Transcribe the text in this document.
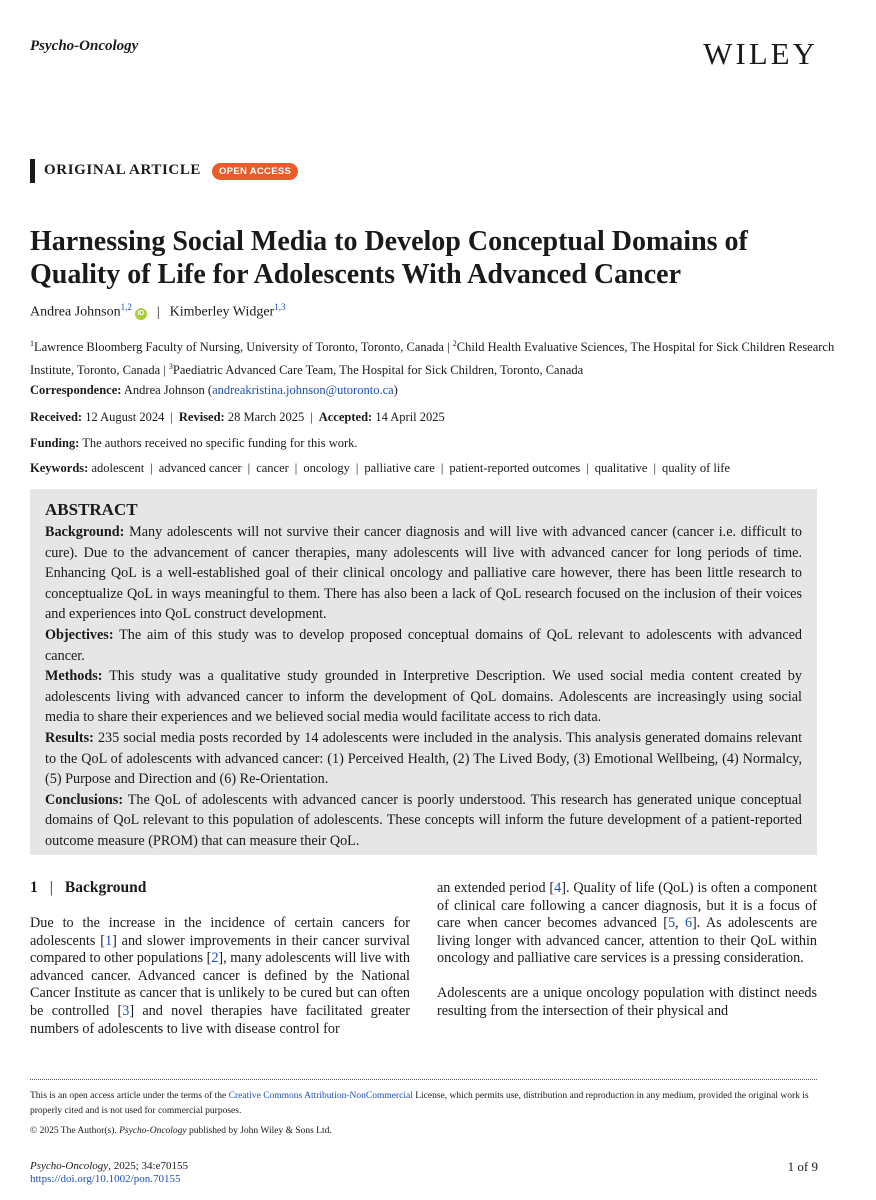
Psycho-Oncology	WILEY
ORIGINAL ARTICLE	OPEN ACCESS
Harnessing Social Media to Develop Conceptual Domains of Quality of Life for Adolescents With Advanced Cancer
Andrea Johnson$^{1,2}$iD | Kimberley Widger$^{1,3}$
$^1$Lawrence Bloomberg Faculty of Nursing, University of Toronto, Toronto, Canada | $^2$Child Health Evaluative Sciences, The Hospital for Sick Children Research Institute, Toronto, Canada | $^3$Paediatric Advanced Care Team, The Hospital for Sick Children, Toronto, Canada
Correspondence: Andrea Johnson (andreakristina.johnson@utoronto.ca)
Received: 12 August 2024 | Revised: 28 March 2025 | Accepted: 14 April 2025
Funding: The authors received no specific funding for this work.
Keywords: adolescent | advanced cancer | cancer | oncology | palliative care | patient-reported outcomes | qualitative | quality of life
ABSTRACT

Background: Many adolescents will not survive their cancer diagnosis and will live with advanced cancer (cancer i.e. difficult to cure). Due to the advancement of cancer therapies, many adolescents will live with advanced cancer for long periods of time. Enhancing QoL is a well-established goal of their clinical oncology and palliative care however, there has been little research to conceptualize QoL in ways meaningful to them. There has also been a lack of QoL research focused on the inclusion of their voices and experiences into QoL construct development.

Objectives: The aim of this study was to develop proposed conceptual domains of QoL relevant to adolescents with advanced cancer.

Methods: This study was a qualitative study grounded in Interpretive Description. We used social media content created by adolescents living with advanced cancer to inform the development of QoL domains. Adolescents are increasingly using social media to share their experiences and we believed social media would facilitate access to rich data.

Results: 235 social media posts recorded by 14 adolescents were included in the analysis. This analysis generated domains relevant to the QoL of adolescents with advanced cancer: (1) Perceived Health, (2) The Lived Body, (3) Emotional Wellbeing, (4) Normalcy, (5) Purpose and Direction and (6) Re-Orientation.

Conclusions: The QoL of adolescents with advanced cancer is poorly understood. This research has generated unique conceptual domains of QoL relevant to this population of adolescents. These concepts will inform the future development of a patient-reported outcome measure (PROM) that can measure their QoL.

1 | Background

Due to the increase in the incidence of certain cancers for adolescents [1] and slower improvements in their cancer survival compared to other populations [2], many adolescents will live with advanced cancer. Advanced cancer is defined by the National Cancer Institute as cancer that is unlikely to be cured but can often be controlled [3] and novel therapies have facilitated greater numbers of adolescents to live with disease control for

an extended period [4]. Quality of life (QoL) is often a component of clinical care following a cancer diagnosis, but it is a focus of care when cancer becomes advanced [5, 6]. As adolescents are living longer with advanced cancer, attention to their QoL within oncology and palliative care services is a pressing consideration.

Adolescents are a unique oncology population with distinct needs resulting from the intersection of their physical and

This is an open access article under the terms of the Creative Commons Attribution-NonCommercial License, which permits use, distribution and reproduction in any medium, provided the original work is properly cited and is not used for commercial purposes.
© 2025 The Author(s). Psycho-Oncology published by John Wiley & Sons Ltd.
Psycho-Oncology, 2025; 34:e70155
https://doi.org/10.1002/pon.70155
1 of 9
